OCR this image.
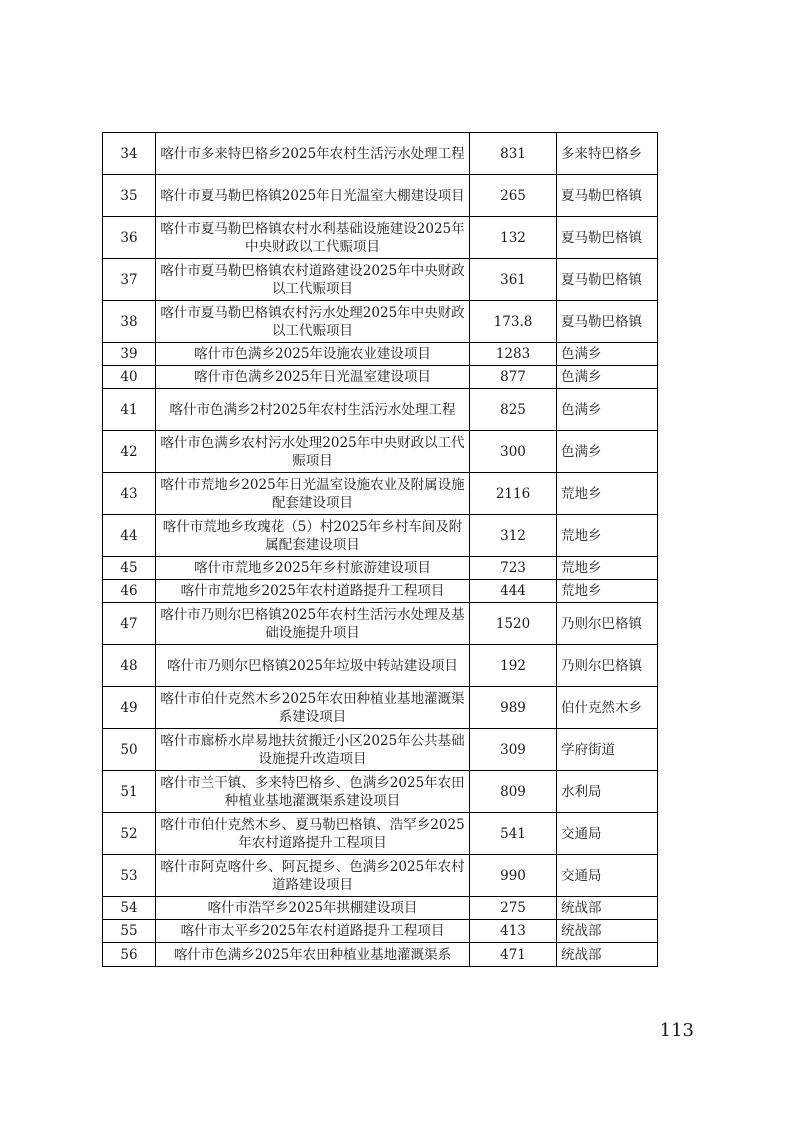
34	喀什市多来特巴格乡2025年农村生活污水处理工程	831	多来特巴格乡
35	喀什市夏马勒巴格镇2025年日光温室大棚建设项目	265	夏马勒巴格镇
36	喀什市夏马勒巴格镇农村水利基础设施建设2025年中央财政以工代赈项目	132	夏马勒巴格镇
37	喀什市夏马勒巴格镇农村道路建设2025年中央财政以工代赈项目	361	夏马勒巴格镇
38	喀什市夏马勒巴格镇农村污水处理2025年中央财政以工代赈项目	173.8	夏马勒巴格镇
39	喀什市色满乡2025年设施农业建设项目	1283	色满乡
40	喀什市色满乡2025年日光温室建设项目	877	色满乡
41	喀什市色满乡2村2025年农村生活污水处理工程	825	色满乡
42	喀什市色满乡农村污水处理2025年中央财政以工代赈项目	300	色满乡
43	喀什市荒地乡2025年日光温室设施农业及附属设施配套建设项目	2116	荒地乡
44	喀什市荒地乡玫瑰花（5）村2025年乡村车间及附属配套建设项目	312	荒地乡
45	喀什市荒地乡2025年乡村旅游建设项目	723	荒地乡
46	喀什市荒地乡2025年农村道路提升工程项目	444	荒地乡
47	喀什市乃则尔巴格镇2025年农村生活污水处理及基础设施提升项目	1520	乃则尔巴格镇
48	喀什市乃则尔巴格镇2025年垃圾中转站建设项目	192	乃则尔巴格镇
49	喀什市伯什克然木乡2025年农田种植业基地灌溉渠系建设项目	989	伯什克然木乡
50	喀什市廊桥水岸易地扶贫搬迁小区2025年公共基础设施提升改造项目	309	学府街道
51	喀什市兰干镇、多来特巴格乡、色满乡2025年农田种植业基地灌溉渠系建设项目	809	水利局
52	喀什市伯什克然木乡、夏马勒巴格镇、浩罕乡2025年农村道路提升工程项目	541	交通局
53	喀什市阿克喀什乡、阿瓦提乡、色满乡2025年农村道路建设项目	990	交通局
54	喀什市浩罕乡2025年拱棚建设项目	275	统战部
55	喀什市太平乡2025年农村道路提升工程项目	413	统战部
56	喀什市色满乡2025年农田种植业基地灌溉渠系	471	统战部
113
